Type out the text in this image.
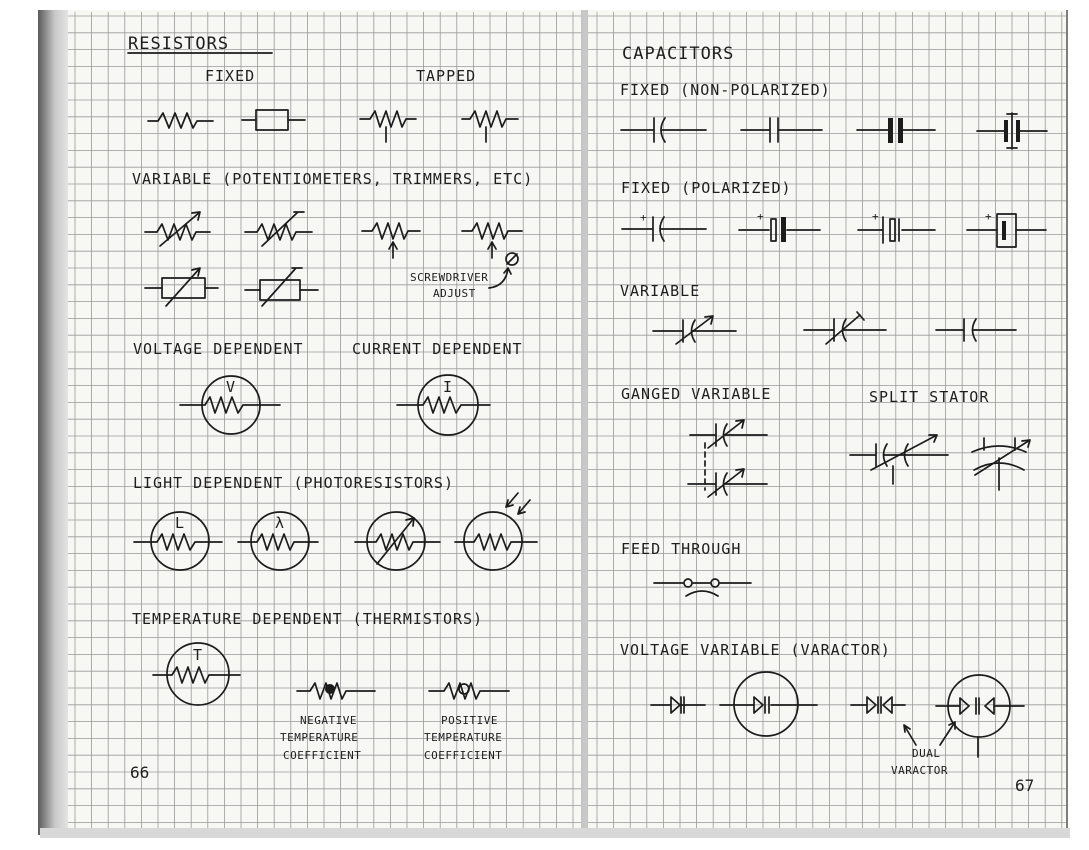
RESISTORS
FIXED	TAPPED
VARIABLE (POTENTIOMETERS, TRIMMERS, ETC)
SCREWDRIVER
ADJUST
VOLTAGE DEPENDENT	CURRENT DEPENDENT
V	I
LIGHT DEPENDENT (PHOTORESISTORS)
L	λ
TEMPERATURE DEPENDENT (THERMISTORS)
T
NEGATIVE
TEMPERATURE
COEFFICIENT
POSITIVE
TEMPERATURE
COEFFICIENT
66
CAPACITORS
FIXED (NON-POLARIZED)
FIXED (POLARIZED)
+	+	+	+
VARIABLE
GANGED VARIABLE	SPLIT STATOR
FEED THROUGH
VOLTAGE VARIABLE (VARACTOR)
DUAL
VARACTOR
67
